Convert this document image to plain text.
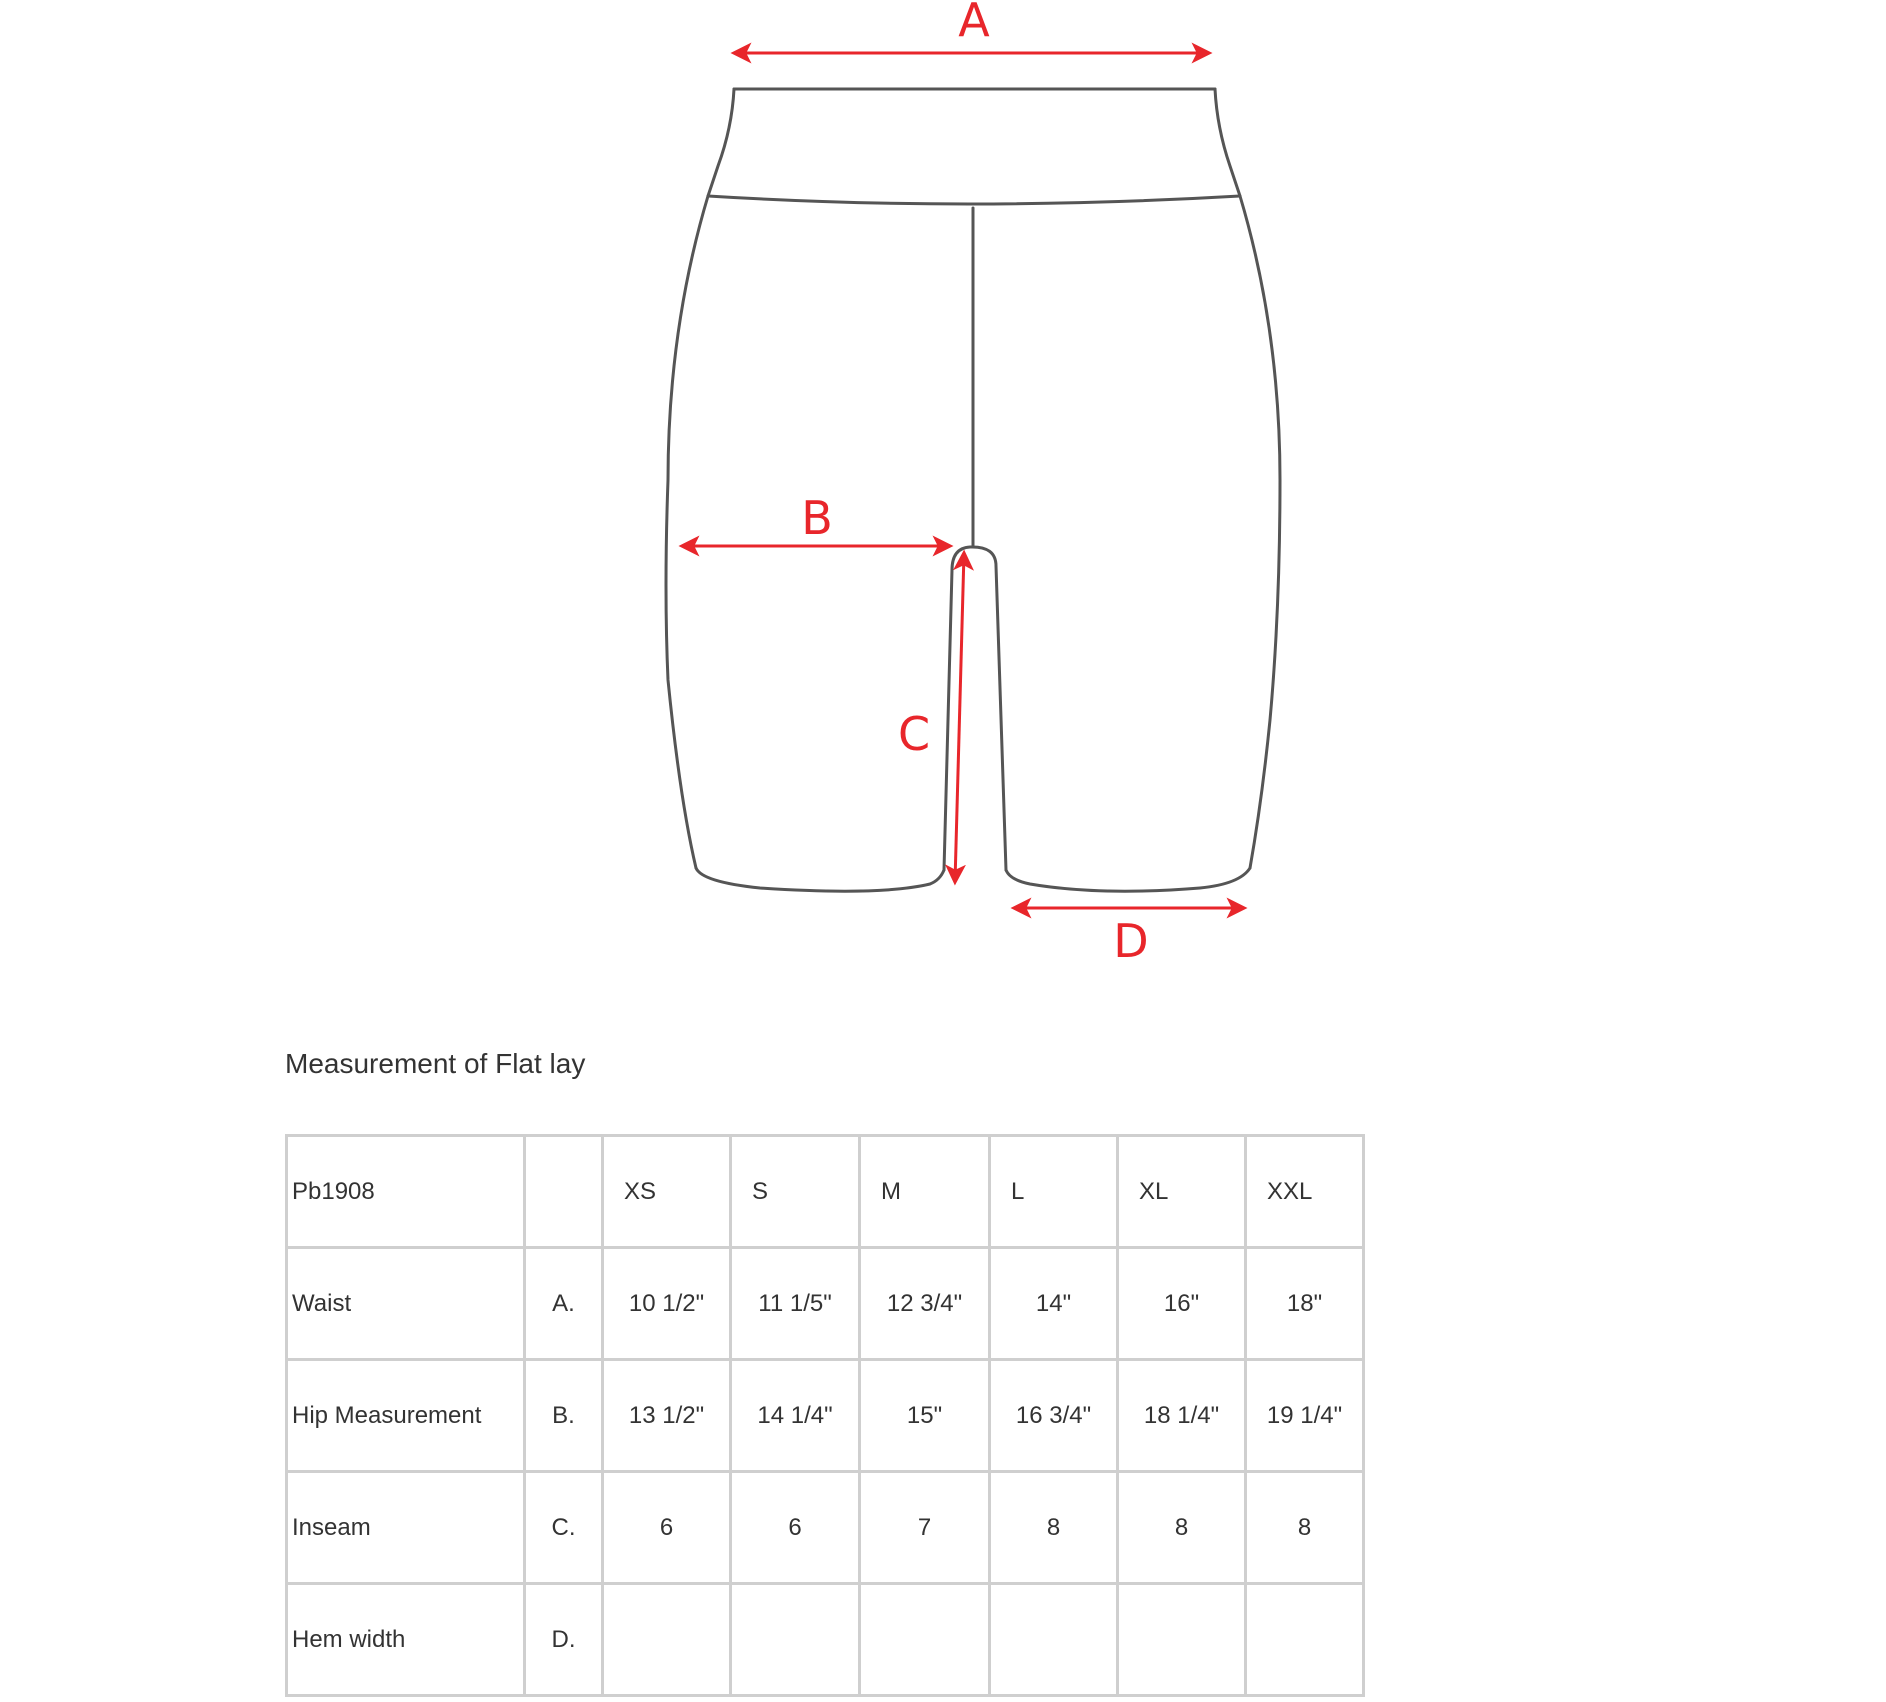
A
B
C
D
Measurement of Flat lay
Pb1908		XS	S	M	L	XL	XXL
Waist	A.	10 1/2"	11 1/5"	12 3/4"	14"	16"	18"
Hip Measurement	B.	13 1/2"	14 1/4"	15"	16 3/4"	18 1/4"	19 1/4"
Inseam	C.	6	6	7	8	8	8
Hem width	D.						
